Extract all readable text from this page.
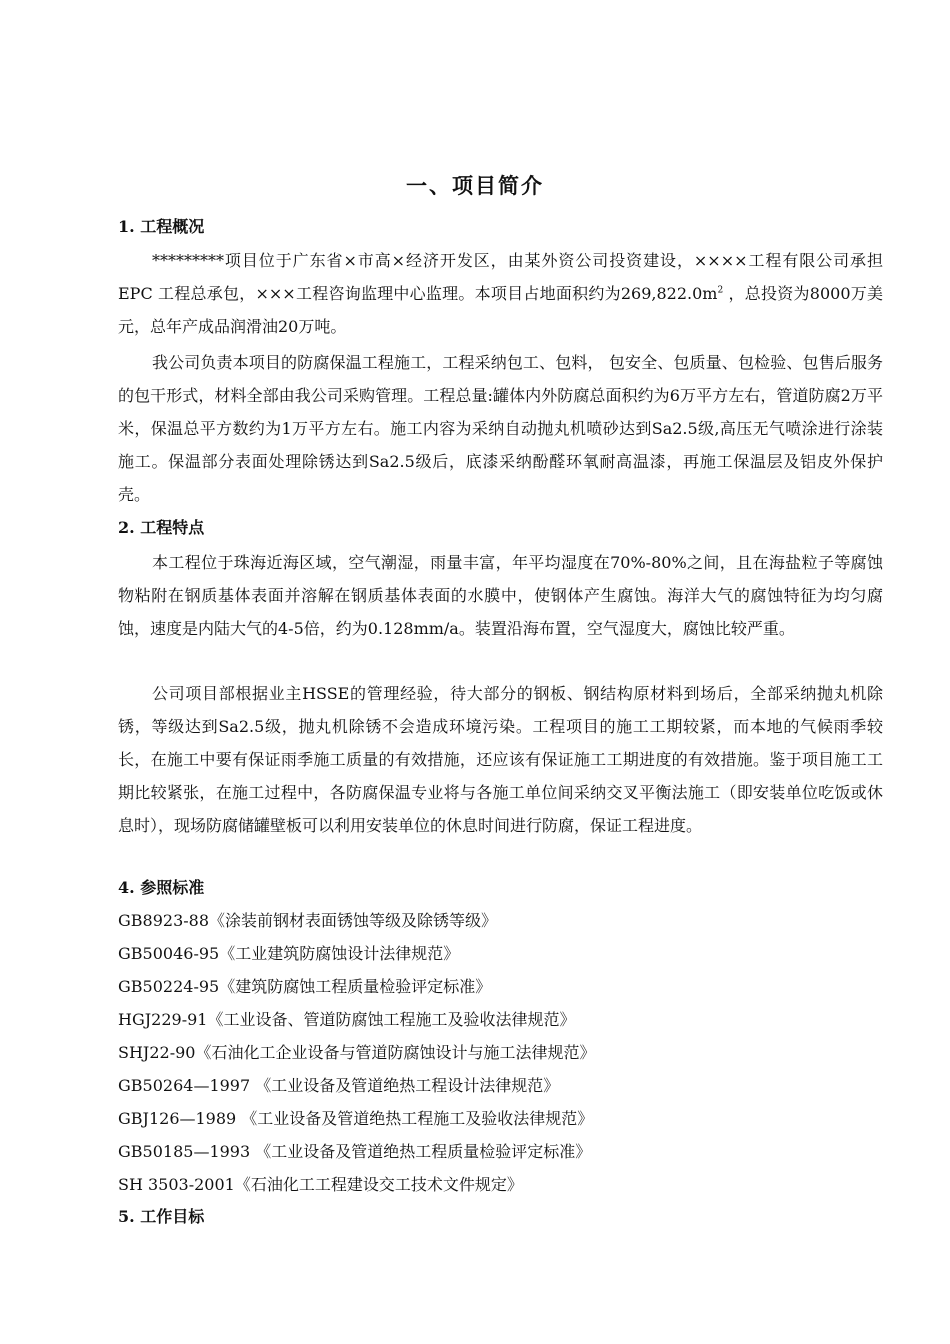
一、项目简介
1. 工程概况

*********项目位于广东省×市高×经济开发区，由某外资公司投资建设，××××工程有限公司承担EPC 工程总承包，×××工程咨询监理中心监理。本项目占地面积约为$269,822.0m^2$ ，总投资为8000万美元，总年产成品润滑油20万吨。

我公司负责本项目的防腐保温工程施工，工程采纳包工、包料， 包安全、包质量、包检验、包售后服务的包干形式，材料全部由我公司采购管理。工程总量:罐体内外防腐总面积约为6万平方左右，管道防腐2万平米，保温总平方数约为1万平方左右。施工内容为采纳自动抛丸机喷砂达到Sa2.5级,高压无气喷涂进行涂装施工。保温部分表面处理除锈达到Sa2.5级后，底漆采纳酚醛环氧耐高温漆，再施工保温层及铝皮外保护壳。

2. 工程特点

本工程位于珠海近海区域，空气潮湿，雨量丰富，年平均湿度在70%-80%之间，且在海盐粒子等腐蚀物粘附在钢质基体表面并溶解在钢质基体表面的水膜中，使钢体产生腐蚀。海洋大气的腐蚀特征为均匀腐蚀，速度是内陆大气的4-5倍，约为0.128mm/a。装置沿海布置，空气湿度大，腐蚀比较严重。

公司项目部根据业主HSSE的管理经验，待大部分的钢板、钢结构原材料到场后，全部采纳抛丸机除锈，等级达到Sa2.5级，抛丸机除锈不会造成环境污染。工程项目的施工工期较紧，而本地的气候雨季较长，在施工中要有保证雨季施工质量的有效措施，还应该有保证施工工期进度的有效措施。鉴于项目施工工期比较紧张，在施工过程中，各防腐保温专业将与各施工单位间采纳交叉平衡法施工（即安装单位吃饭或休息时），现场防腐储罐壁板可以利用安装单位的休息时间进行防腐，保证工程进度。

4. 参照标准
GB8923-88《涂装前钢材表面锈蚀等级及除锈等级》
GB50046-95《工业建筑防腐蚀设计法律规范》
GB50224-95《建筑防腐蚀工程质量检验评定标准》
HGJ229-91《工业设备、管道防腐蚀工程施工及验收法律规范》
SHJ22-90《石油化工企业设备与管道防腐蚀设计与施工法律规范》
GB50264—1997 《工业设备及管道绝热工程设计法律规范》
GBJ126—1989 《工业设备及管道绝热工程施工及验收法律规范》
GB50185—1993 《工业设备及管道绝热工程质量检验评定标准》
SH 3503-2001《石油化工工程建设交工技术文件规定》
5. 工作目标
